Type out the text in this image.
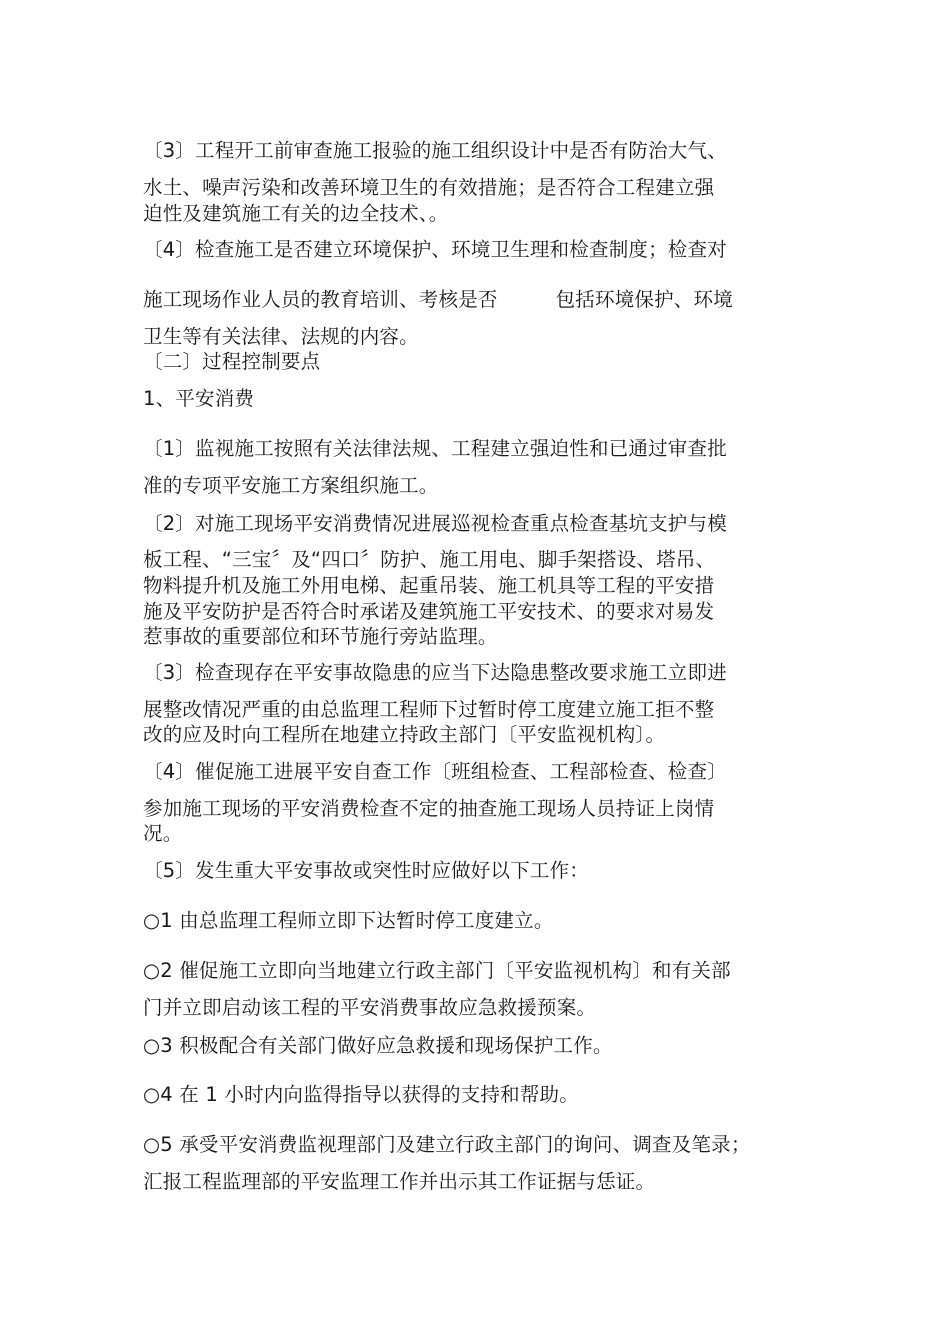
〔3〕工程开工前审查施工报验的施工组织设计中是否有防治大气、
水土、噪声污染和改善环境卫生的有效措施；是否符合工程建立强
迫性及建筑施工有关的边全技术、。
〔4〕检查施工是否建立环境保护、环境卫生理和检查制度；检查对
施工现场作业人员的教育培训、考核是否	包括环境保护、环境
卫生等有关法律、法规的内容。
〔二〕过程控制要点
1、平安消费
〔1〕监视施工按照有关法律法规、工程建立强迫性和已通过审查批
准的专项平安施工方案组织施工。
〔2〕对施工现场平安消费情况进展巡视检查重点检查基坑支护与模
板工程、“三宝〞及“四口〞防护、施工用电、脚手架搭设、塔吊、
物料提升机及施工外用电梯、起重吊装、施工机具等工程的平安措
施及平安防护是否符合时承诺及建筑施工平安技术、的要求对易发
惹事故的重要部位和环节施行旁站监理。
〔3〕检查现存在平安事故隐患的应当下达隐患整改要求施工立即进
展整改情况严重的由总监理工程师下过暂时停工度建立施工拒不整
改的应及时向工程所在地建立持政主部门〔平安监视机构〕。
〔4〕催促施工进展平安自查工作〔班组检查、工程部检查、检查〕
参加施工现场的平安消费检查不定的抽查施工现场人员持证上岗情
况。
〔5〕发生重大平安事故或突性时应做好以下工作：
○1 由总监理工程师立即下达暂时停工度建立。
○2 催促施工立即向当地建立行政主部门〔平安监视机构〕和有关部
门并立即启动该工程的平安消费事故应急救援预案。
○3 积极配合有关部门做好应急救援和现场保护工作。
○4 在 1 小时内向监得指导以获得的支持和帮助。
○5 承受平安消费监视理部门及建立行政主部门的询问、调查及笔录；
汇报工程监理部的平安监理工作并出示其工作证据与恁证。
